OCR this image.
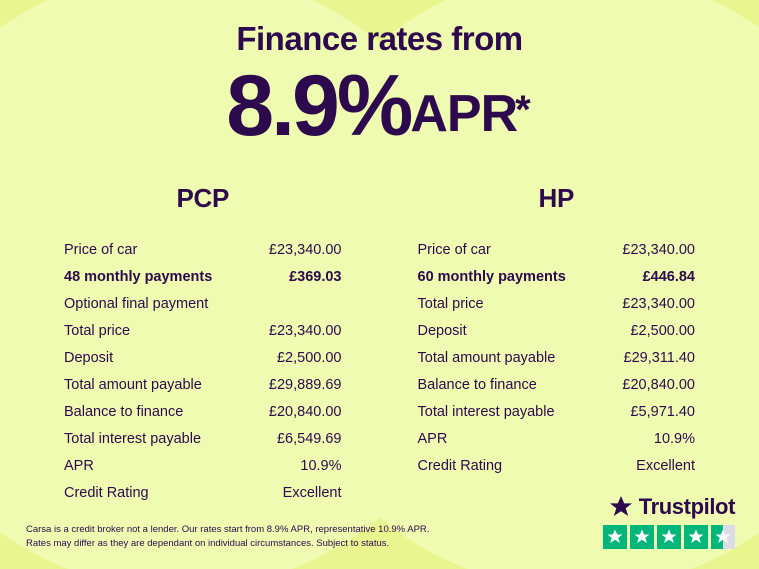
Finance rates from
8.9%APR*
PCP
Price of car	£23,340.00
48 monthly payments	£369.03
Optional final payment
Total price	£23,340.00
Deposit	£2,500.00
Total amount payable	£29,889.69
Balance to finance	£20,840.00
Total interest payable	£6,549.69
APR	10.9%
Credit Rating	Excellent
HP
Price of car	£23,340.00
60 monthly payments	£446.84
Total price	£23,340.00
Deposit	£2,500.00
Total amount payable	£29,311.40
Balance to finance	£20,840.00
Total interest payable	£5,971.40
APR	10.9%
Credit Rating	Excellent
Carsa is a credit broker not a lender. Our rates start from 8.9% APR, representative 10.9% APR.
Rates may differ as they are dependant on individual circumstances. Subject to status.
Trustpilot
